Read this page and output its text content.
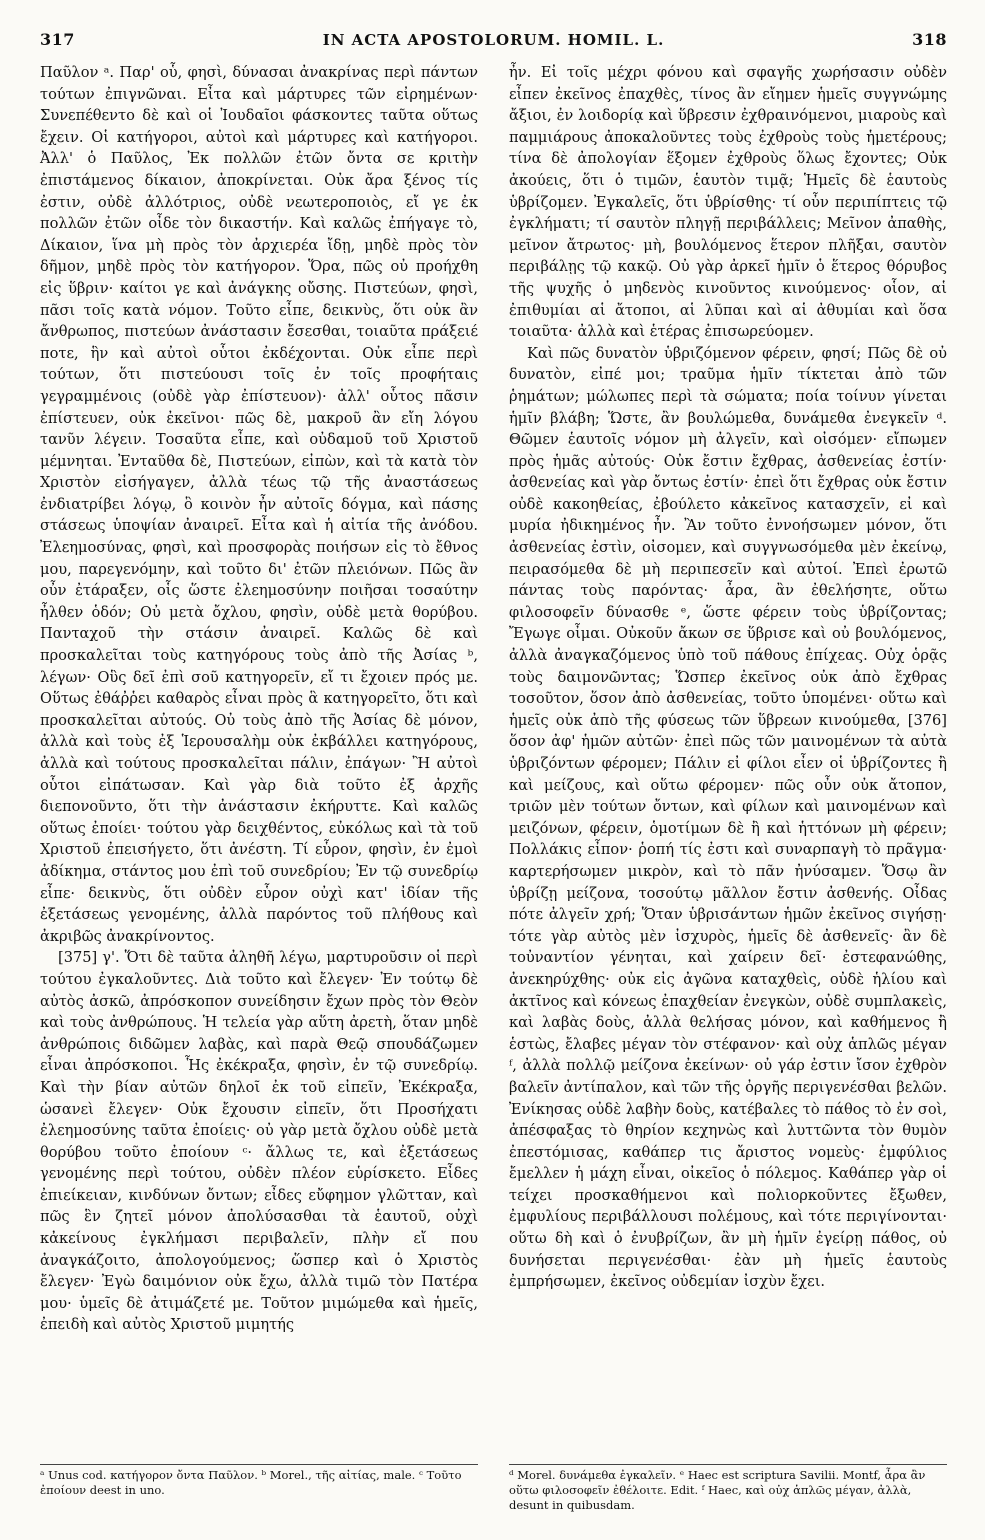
317	IN ACTA APOSTOLORUM. HOMIL. L.	318

Παῦλον ᵃ. Παρ' οὗ, φησὶ, δύνασαι ἀνακρίνας περὶ πάντων τούτων ἐπιγνῶναι. Εἶτα καὶ μάρτυρες τῶν εἰρημένων· Συνεπέθεντο δὲ καὶ οἱ Ἰουδαῖοι φάσκοντες ταῦτα οὕτως ἔχειν. Οἱ κατήγοροι, αὐτοὶ καὶ μάρτυρες καὶ κατήγοροι. Ἀλλ' ὁ Παῦλος, Ἐκ πολλῶν ἐτῶν ὄντα σε κριτὴν ἐπιστάμενος δίκαιον, ἀποκρίνεται. Οὐκ ἄρα ξένος τίς ἐστιν, οὐδὲ ἀλλότριος, οὐδὲ νεωτεροποιὸς, εἴ γε ἐκ πολλῶν ἐτῶν οἶδε τὸν δικαστήν. Καὶ καλῶς ἐπήγαγε τὸ, Δίκαιον, ἵνα μὴ πρὸς τὸν ἀρχιερέα ἴδῃ, μηδὲ πρὸς τὸν δῆμον, μηδὲ πρὸς τὸν κατήγορον. Ὅρα, πῶς οὐ προήχθη εἰς ὕβριν· καίτοι γε καὶ ἀνάγκης οὔσης. Πιστεύων, φησὶ, πᾶσι τοῖς κατὰ νόμον. Τοῦτο εἶπε, δεικνὺς, ὅτι οὐκ ἂν ἄνθρωπος, πιστεύων ἀνάστασιν ἔσεσθαι, τοιαῦτα πράξειέ ποτε, ἣν καὶ αὐτοὶ οὗτοι ἐκδέχονται. Οὐκ εἶπε περὶ τούτων, ὅτι πιστεύουσι τοῖς ἐν τοῖς προφήταις γεγραμμένοις (οὐδὲ γὰρ ἐπίστευον)· ἀλλ' οὗτος πᾶσιν ἐπίστευεν, οὐκ ἐκεῖνοι· πῶς δὲ, μακροῦ ἂν εἴη λόγου τανῦν λέγειν. Τοσαῦτα εἶπε, καὶ οὐδαμοῦ τοῦ Χριστοῦ μέμνηται. Ἐνταῦθα δὲ, Πιστεύων, εἰπὼν, καὶ τὰ κατὰ τὸν Χριστὸν εἰσήγαγεν, ἀλλὰ τέως τῷ τῆς ἀναστάσεως ἐνδιατρίβει λόγῳ, ὃ κοινὸν ἦν αὐτοῖς δόγμα, καὶ πάσης στάσεως ὑποψίαν ἀναιρεῖ. Εἶτα καὶ ἡ αἰτία τῆς ἀνόδου. Ἐλεημοσύνας, φησὶ, καὶ προσφορὰς ποιήσων εἰς τὸ ἔθνος μου, παρεγενόμην, καὶ τοῦτο δι' ἐτῶν πλειόνων. Πῶς ἂν οὖν ἐτάραξεν, οἷς ὥστε ἐλεημοσύνην ποιῆσαι τοσαύτην ἦλθεν ὁδόν; Οὐ μετὰ ὄχλου, φησὶν, οὐδὲ μετὰ θορύβου. Πανταχοῦ τὴν στάσιν ἀναιρεῖ. Καλῶς δὲ καὶ προσκαλεῖται τοὺς κατηγόρους τοὺς ἀπὸ τῆς Ἀσίας ᵇ, λέγων· Οὓς δεῖ ἐπὶ σοῦ κατηγορεῖν, εἴ τι ἔχοιεν πρός με. Οὕτως ἐθάῤῥει καθαρὸς εἶναι πρὸς ἃ κατηγορεῖτο, ὅτι καὶ προσκαλεῖται αὐτούς. Οὐ τοὺς ἀπὸ τῆς Ἀσίας δὲ μόνον, ἀλλὰ καὶ τοὺς ἐξ Ἱερουσαλὴμ οὐκ ἐκβάλλει κατηγόρους, ἀλλὰ καὶ τούτους προσκαλεῖται πάλιν, ἐπάγων· Ἢ αὐτοὶ οὗτοι εἰπάτωσαν. Καὶ γὰρ διὰ τοῦτο ἐξ ἀρχῆς διεπονοῦντο, ὅτι τὴν ἀνάστασιν ἐκήρυττε. Καὶ καλῶς οὕτως ἐποίει· τούτου γὰρ δειχθέντος, εὐκόλως καὶ τὰ τοῦ Χριστοῦ ἐπεισήγετο, ὅτι ἀνέστη. Τί εὗρον, φησὶν, ἐν ἐμοὶ ἀδίκημα, στάντος μου ἐπὶ τοῦ συνεδρίου; Ἐν τῷ συνεδρίῳ εἶπε· δεικνὺς, ὅτι οὐδὲν εὗρον οὐχὶ κατ' ἰδίαν τῆς ἐξετάσεως γενομένης, ἀλλὰ παρόντος τοῦ πλήθους καὶ ἀκριβῶς ἀνακρίνοντος.

[375] γ'. Ὅτι δὲ ταῦτα ἀληθῆ λέγω, μαρτυροῦσιν οἱ περὶ τούτου ἐγκαλοῦντες. Διὰ τοῦτο καὶ ἔλεγεν· Ἐν τούτῳ δὲ αὐτὸς ἀσκῶ, ἀπρόσκοπον συνείδησιν ἔχων πρὸς τὸν Θεὸν καὶ τοὺς ἀνθρώπους. Ἡ τελεία γὰρ αὕτη ἀρετὴ, ὅταν μηδὲ ἀνθρώποις διδῶμεν λαβὰς, καὶ παρὰ Θεῷ σπουδάζωμεν εἶναι ἀπρόσκοποι. Ἧς ἐκέκραξα, φησὶν, ἐν τῷ συνεδρίῳ. Καὶ τὴν βίαν αὐτῶν δηλοῖ ἐκ τοῦ εἰπεῖν, Ἐκέκραξα, ὡσανεὶ ἔλεγεν· Οὐκ ἔχουσιν εἰπεῖν, ὅτι Προσήχατι ἐλεημοσύνης ταῦτα ἐποίεις· οὐ γὰρ μετὰ ὄχλου οὐδὲ μετὰ θορύβου τοῦτο ἐποίουν ᶜ· ἄλλως τε, καὶ ἐξετάσεως γενομένης περὶ τούτου, οὐδὲν πλέον εὑρίσκετο. Εἶδες ἐπιείκειαν, κινδύνων ὄντων; εἶδες εὔφημον γλῶτταν, καὶ πῶς ἓν ζητεῖ μόνον ἀπολύσασθαι τὰ ἑαυτοῦ, οὐχὶ κἀκείνους ἐγκλήμασι περιβαλεῖν, πλὴν εἴ που ἀναγκάζοιτο, ἀπολογούμενος; ὥσπερ καὶ ὁ Χριστὸς ἔλεγεν· Ἐγὼ δαιμόνιον οὐκ ἔχω, ἀλλὰ τιμῶ τὸν Πατέρα μου· ὑμεῖς δὲ ἀτιμάζετέ με. Τοῦτον μιμώμεθα καὶ ἡμεῖς, ἐπειδὴ καὶ αὐτὸς Χριστοῦ μιμητής

ἦν. Εἰ τοῖς μέχρι φόνου καὶ σφαγῆς χωρήσασιν οὐδὲν εἶπεν ἐκεῖνος ἐπαχθὲς, τίνος ἂν εἴημεν ἡμεῖς συγγνώμης ἄξιοι, ἐν λοιδορίᾳ καὶ ὕβρεσιν ἐχθραινόμενοι, μιαροὺς καὶ παμμιάρους ἀποκαλοῦντες τοὺς ἐχθροὺς τοὺς ἡμετέρους; τίνα δὲ ἀπολογίαν ἕξομεν ἐχθροὺς ὅλως ἔχοντες; Οὐκ ἀκούεις, ὅτι ὁ τιμῶν, ἑαυτὸν τιμᾷ; Ἡμεῖς δὲ ἑαυτοὺς ὑβρίζομεν. Ἐγκαλεῖς, ὅτι ὑβρίσθης· τί οὖν περιπίπτεις τῷ ἐγκλήματι; τί σαυτὸν πληγῇ περιβάλλεις; Μεῖνον ἀπαθὴς, μεῖνον ἄτρωτος· μὴ, βουλόμενος ἕτερον πλῆξαι, σαυτὸν περιβάλῃς τῷ κακῷ. Οὐ γὰρ ἀρκεῖ ἡμῖν ὁ ἕτερος θόρυβος τῆς ψυχῆς ὁ μηδενὸς κινοῦντος κινούμενος· οἷον, αἱ ἐπιθυμίαι αἱ ἄτοποι, αἱ λῦπαι καὶ αἱ ἀθυμίαι καὶ ὅσα τοιαῦτα· ἀλλὰ καὶ ἑτέρας ἐπισωρεύομεν.

Καὶ πῶς δυνατὸν ὑβριζόμενον φέρειν, φησί; Πῶς δὲ οὐ δυνατὸν, εἰπέ μοι; τραῦμα ἡμῖν τίκτεται ἀπὸ τῶν ῥημάτων; μώλωπες περὶ τὰ σώματα; ποία τοίνυν γίνεται ἡμῖν βλάβη; Ὥστε, ἂν βουλώμεθα, δυνάμεθα ἐνεγκεῖν ᵈ. Θῶμεν ἑαυτοῖς νόμον μὴ ἀλγεῖν, καὶ οἰσόμεν· εἴπωμεν πρὸς ἡμᾶς αὐτούς· Οὐκ ἔστιν ἔχθρας, ἀσθενείας ἐστίν· ἀσθενείας καὶ γὰρ ὄντως ἐστίν· ἐπεὶ ὅτι ἔχθρας οὐκ ἔστιν οὐδὲ κακοηθείας, ἐβούλετο κἀκεῖνος κατασχεῖν, εἰ καὶ μυρία ἠδικημένος ἦν. Ἂν τοῦτο ἐννοήσωμεν μόνον, ὅτι ἀσθενείας ἐστὶν, οἰσομεν, καὶ συγγνωσόμεθα μὲν ἐκείνῳ, πειρασόμεθα δὲ μὴ περιπεσεῖν καὶ αὐτοί. Ἐπεὶ ἐρωτῶ πάντας τοὺς παρόντας· ἆρα, ἂν ἐθελήσητε, οὕτω φιλοσοφεῖν δύνασθε ᵉ, ὥστε φέρειν τοὺς ὑβρίζοντας; Ἔγωγε οἶμαι. Οὐκοῦν ἄκων σε ὕβρισε καὶ οὐ βουλόμενος, ἀλλὰ ἀναγκαζόμενος ὑπὸ τοῦ πάθους ἐπίχεας. Οὐχ ὁρᾷς τοὺς δαιμονῶντας; Ὥσπερ ἐκεῖνος οὐκ ἀπὸ ἔχθρας τοσοῦτον, ὅσον ἀπὸ ἀσθενείας, τοῦτο ὑπομένει· οὕτω καὶ ἡμεῖς οὐκ ἀπὸ τῆς φύσεως τῶν ὕβρεων κινούμεθα, [376] ὅσον ἀφ' ἡμῶν αὐτῶν· ἐπεὶ πῶς τῶν μαινομένων τὰ αὐτὰ ὑβριζόντων φέρομεν; Πάλιν εἰ φίλοι εἶεν οἱ ὑβρίζοντες ἢ καὶ μείζους, καὶ οὕτω φέρομεν· πῶς οὖν οὐκ ἄτοπον, τριῶν μὲν τούτων ὄντων, καὶ φίλων καὶ μαινομένων καὶ μειζόνων, φέρειν, ὁμοτίμων δὲ ἢ καὶ ἡττόνων μὴ φέρειν; Πολλάκις εἶπον· ῥοπή τίς ἐστι καὶ συναρπαγὴ τὸ πρᾶγμα· καρτερήσωμεν μικρὸν, καὶ τὸ πᾶν ἠνύσαμεν. Ὅσῳ ἂν ὑβρίζῃ μείζονα, τοσούτῳ μᾶλλον ἔστιν ἀσθενής. Οἶδας πότε ἀλγεῖν χρή; Ὅταν ὑβρισάντων ἡμῶν ἐκεῖνος σιγήσῃ· τότε γὰρ αὐτὸς μὲν ἰσχυρὸς, ἡμεῖς δὲ ἀσθενεῖς· ἂν δὲ τοὐναντίον γένηται, καὶ χαίρειν δεῖ· ἐστεφανώθης, ἀνεκηρύχθης· οὐκ εἰς ἀγῶνα καταχθεὶς, οὐδὲ ἡλίου καὶ ἀκτῖνος καὶ κόνεως ἐπαχθείαν ἐνεγκὼν, οὐδὲ συμπλακεὶς, καὶ λαβὰς δοὺς, ἀλλὰ θελήσας μόνον, καὶ καθήμενος ἢ ἑστὼς, ἔλαβες μέγαν τὸν στέφανον· καὶ οὐχ ἁπλῶς μέγαν ᶠ, ἀλλὰ πολλῷ μείζονα ἐκείνων· οὐ γάρ ἐστιν ἴσον ἐχθρὸν βαλεῖν ἀντίπαλον, καὶ τῶν τῆς ὀργῆς περιγενέσθαι βελῶν. Ἐνίκησας οὐδὲ λαβὴν δοὺς, κατέβαλες τὸ πάθος τὸ ἐν σοὶ, ἀπέσφαξας τὸ θηρίον κεχηνὼς καὶ λυττῶντα τὸν θυμὸν ἐπεστόμισας, καθάπερ τις ἄριστος νομεὺς· ἐμφύλιος ἔμελλεν ἡ μάχη εἶναι, οἰκεῖος ὁ πόλεμος. Καθάπερ γὰρ οἱ τείχει προσκαθήμενοι καὶ πολιορκοῦντες ἔξωθεν, ἐμφυλίους περιβάλλουσι πολέμους, καὶ τότε περιγίνονται· οὕτω δὴ καὶ ὁ ἐνυβρίζων, ἂν μὴ ἡμῖν ἐγείρῃ πάθος, οὐ δυνήσεται περιγενέσθαι· ἐὰν μὴ ἡμεῖς ἑαυτοὺς ἐμπρήσωμεν, ἐκεῖνος οὐδεμίαν ἰσχὺν ἔχει.

ᵃ Unus cod. κατήγορον ὄντα Παῦλον. ᵇ Morel., τῆς αἰτίας, male. ᶜ Τοῦτο ἐποίουν deest in uno.
ᵈ Morel. δυνάμεθα ἐγκαλεῖν. ᵉ Haec est scriptura Savilii. Montf, ἆρα ἂν οὕτω φιλοσοφεῖν ἐθέλοιτε. Edit. ᶠ Haec, καὶ οὐχ ἁπλῶς μέγαν, ἀλλὰ, desunt in quibusdam.
